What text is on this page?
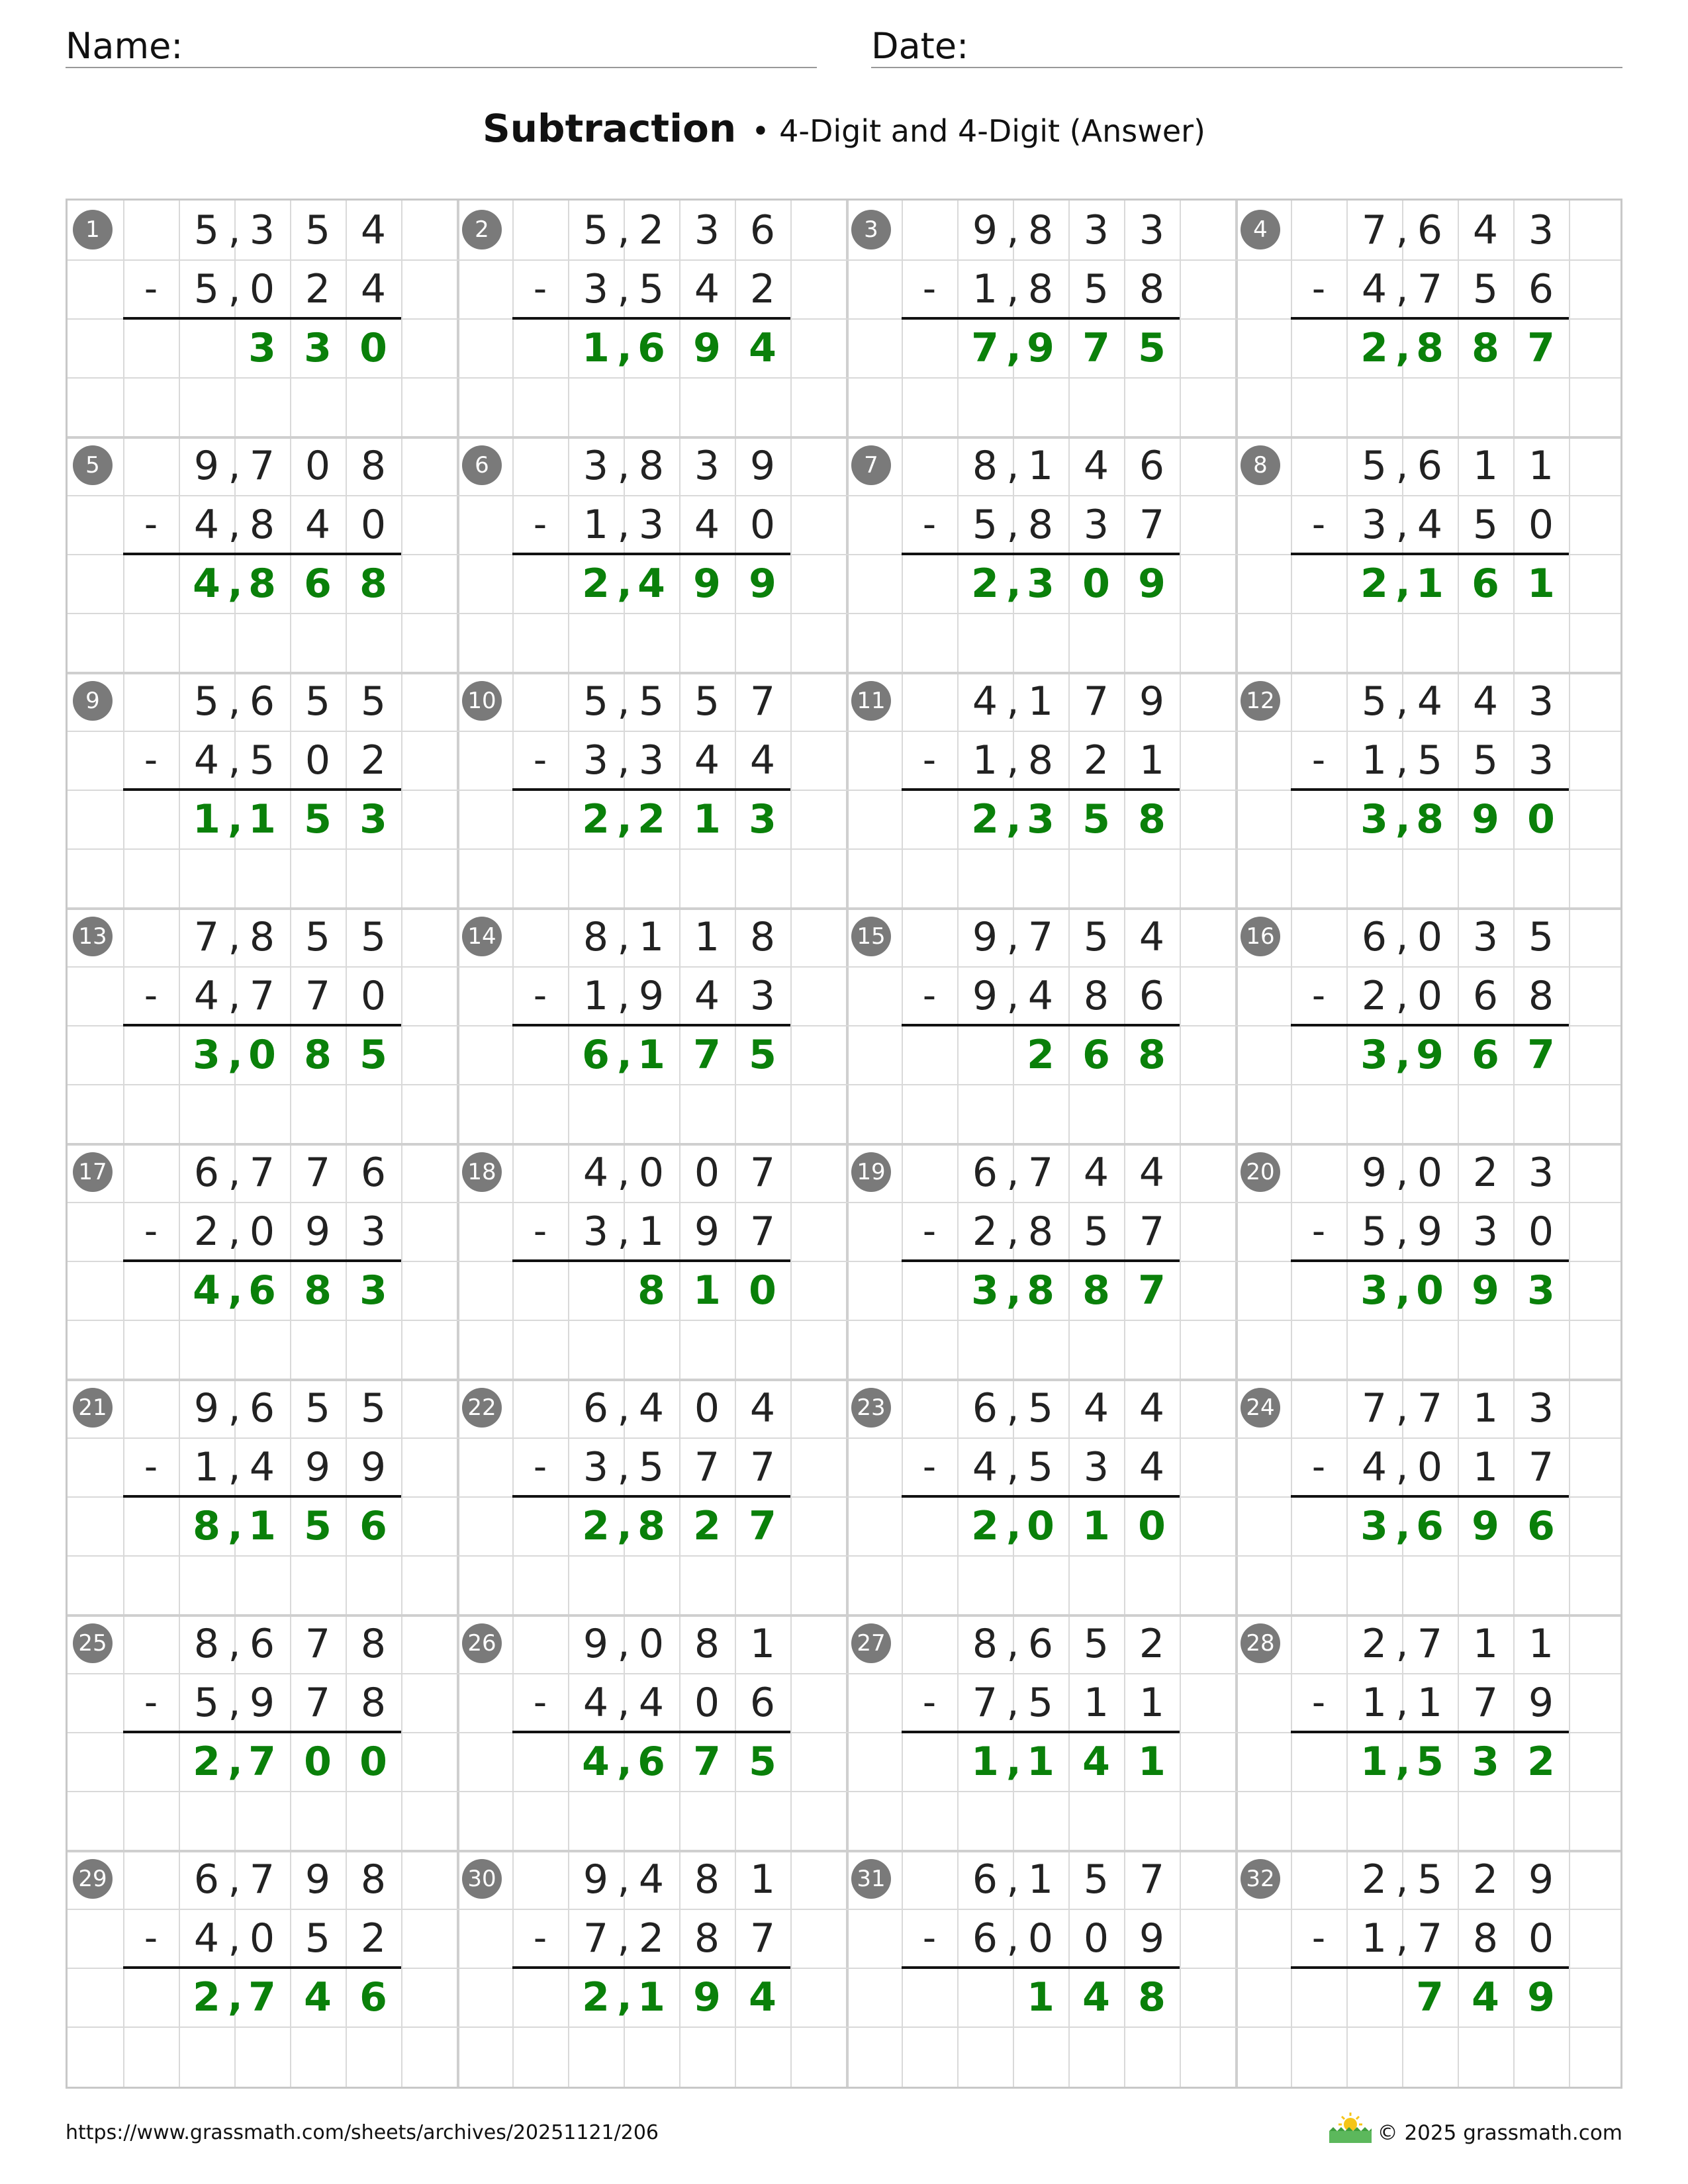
Name:	Date:
Subtraction • 4-Digit and 4-Digit (Answer)
1	5 3 5 4
,
- 5 0 2 4
,
3 3 0
2	5 2 3 6
,
- 3 5 4 2
,
1 6 9 4
,
3	9 8 3 3
,
- 1 8 5 8
,
7 9 7 5
,
4	7 6 4 3
,
- 4 7 5 6
,
2 8 8 7
,
5	9 7 0 8
,
- 4 8 4 0
,
4 8 6 8
,
6	3 8 3 9
,
- 1 3 4 0
,
2 4 9 9
,
7	8 1 4 6
,
- 5 8 3 7
,
2 3 0 9
,
8	5 6 1 1
,
- 3 4 5 0
,
2 1 6 1
,
9	5 6 5 5
,
- 4 5 0 2
,
1 1 5 3
,
10	5 5 5 7
,
- 3 3 4 4
,
2 2 1 3
,
11	4 1 7 9
,
- 1 8 2 1
,
2 3 5 8
,
12	5 4 4 3
,
- 1 5 5 3
,
3 8 9 0
,
13	7 8 5 5
,
- 4 7 7 0
,
3 0 8 5
,
14	8 1 1 8
,
- 1 9 4 3
,
6 1 7 5
,
15	9 7 5 4
,
- 9 4 8 6
,
2 6 8
16	6 0 3 5
,
- 2 0 6 8
,
3 9 6 7
,
17	6 7 7 6
,
- 2 0 9 3
,
4 6 8 3
,
18	4 0 0 7
,
- 3 1 9 7
,
8 1 0
19	6 7 4 4
,
- 2 8 5 7
,
3 8 8 7
,
20	9 0 2 3
,
- 5 9 3 0
,
3 0 9 3
,
21	9 6 5 5
,
- 1 4 9 9
,
8 1 5 6
,
22	6 4 0 4
,
- 3 5 7 7
,
2 8 2 7
,
23	6 5 4 4
,
- 4 5 3 4
,
2 0 1 0
,
24	7 7 1 3
,
- 4 0 1 7
,
3 6 9 6
,
25	8 6 7 8
,
- 5 9 7 8
,
2 7 0 0
,
26	9 0 8 1
,
- 4 4 0 6
,
4 6 7 5
,
27	8 6 5 2
,
- 7 5 1 1
,
1 1 4 1
,
28	2 7 1 1
,
- 1 1 7 9
,
1 5 3 2
,
29	6 7 9 8
,
- 4 0 5 2
,
2 7 4 6
,
30	9 4 8 1
,
- 7 2 8 7
,
2 1 9 4
,
31	6 1 5 7
,
- 6 0 0 9
,
1 4 8
32	2 5 2 9
,
- 1 7 8 0
,
7 4 9
https://www.grassmath.com/sheets/archives/20251121/206	© 2025 grassmath.com
